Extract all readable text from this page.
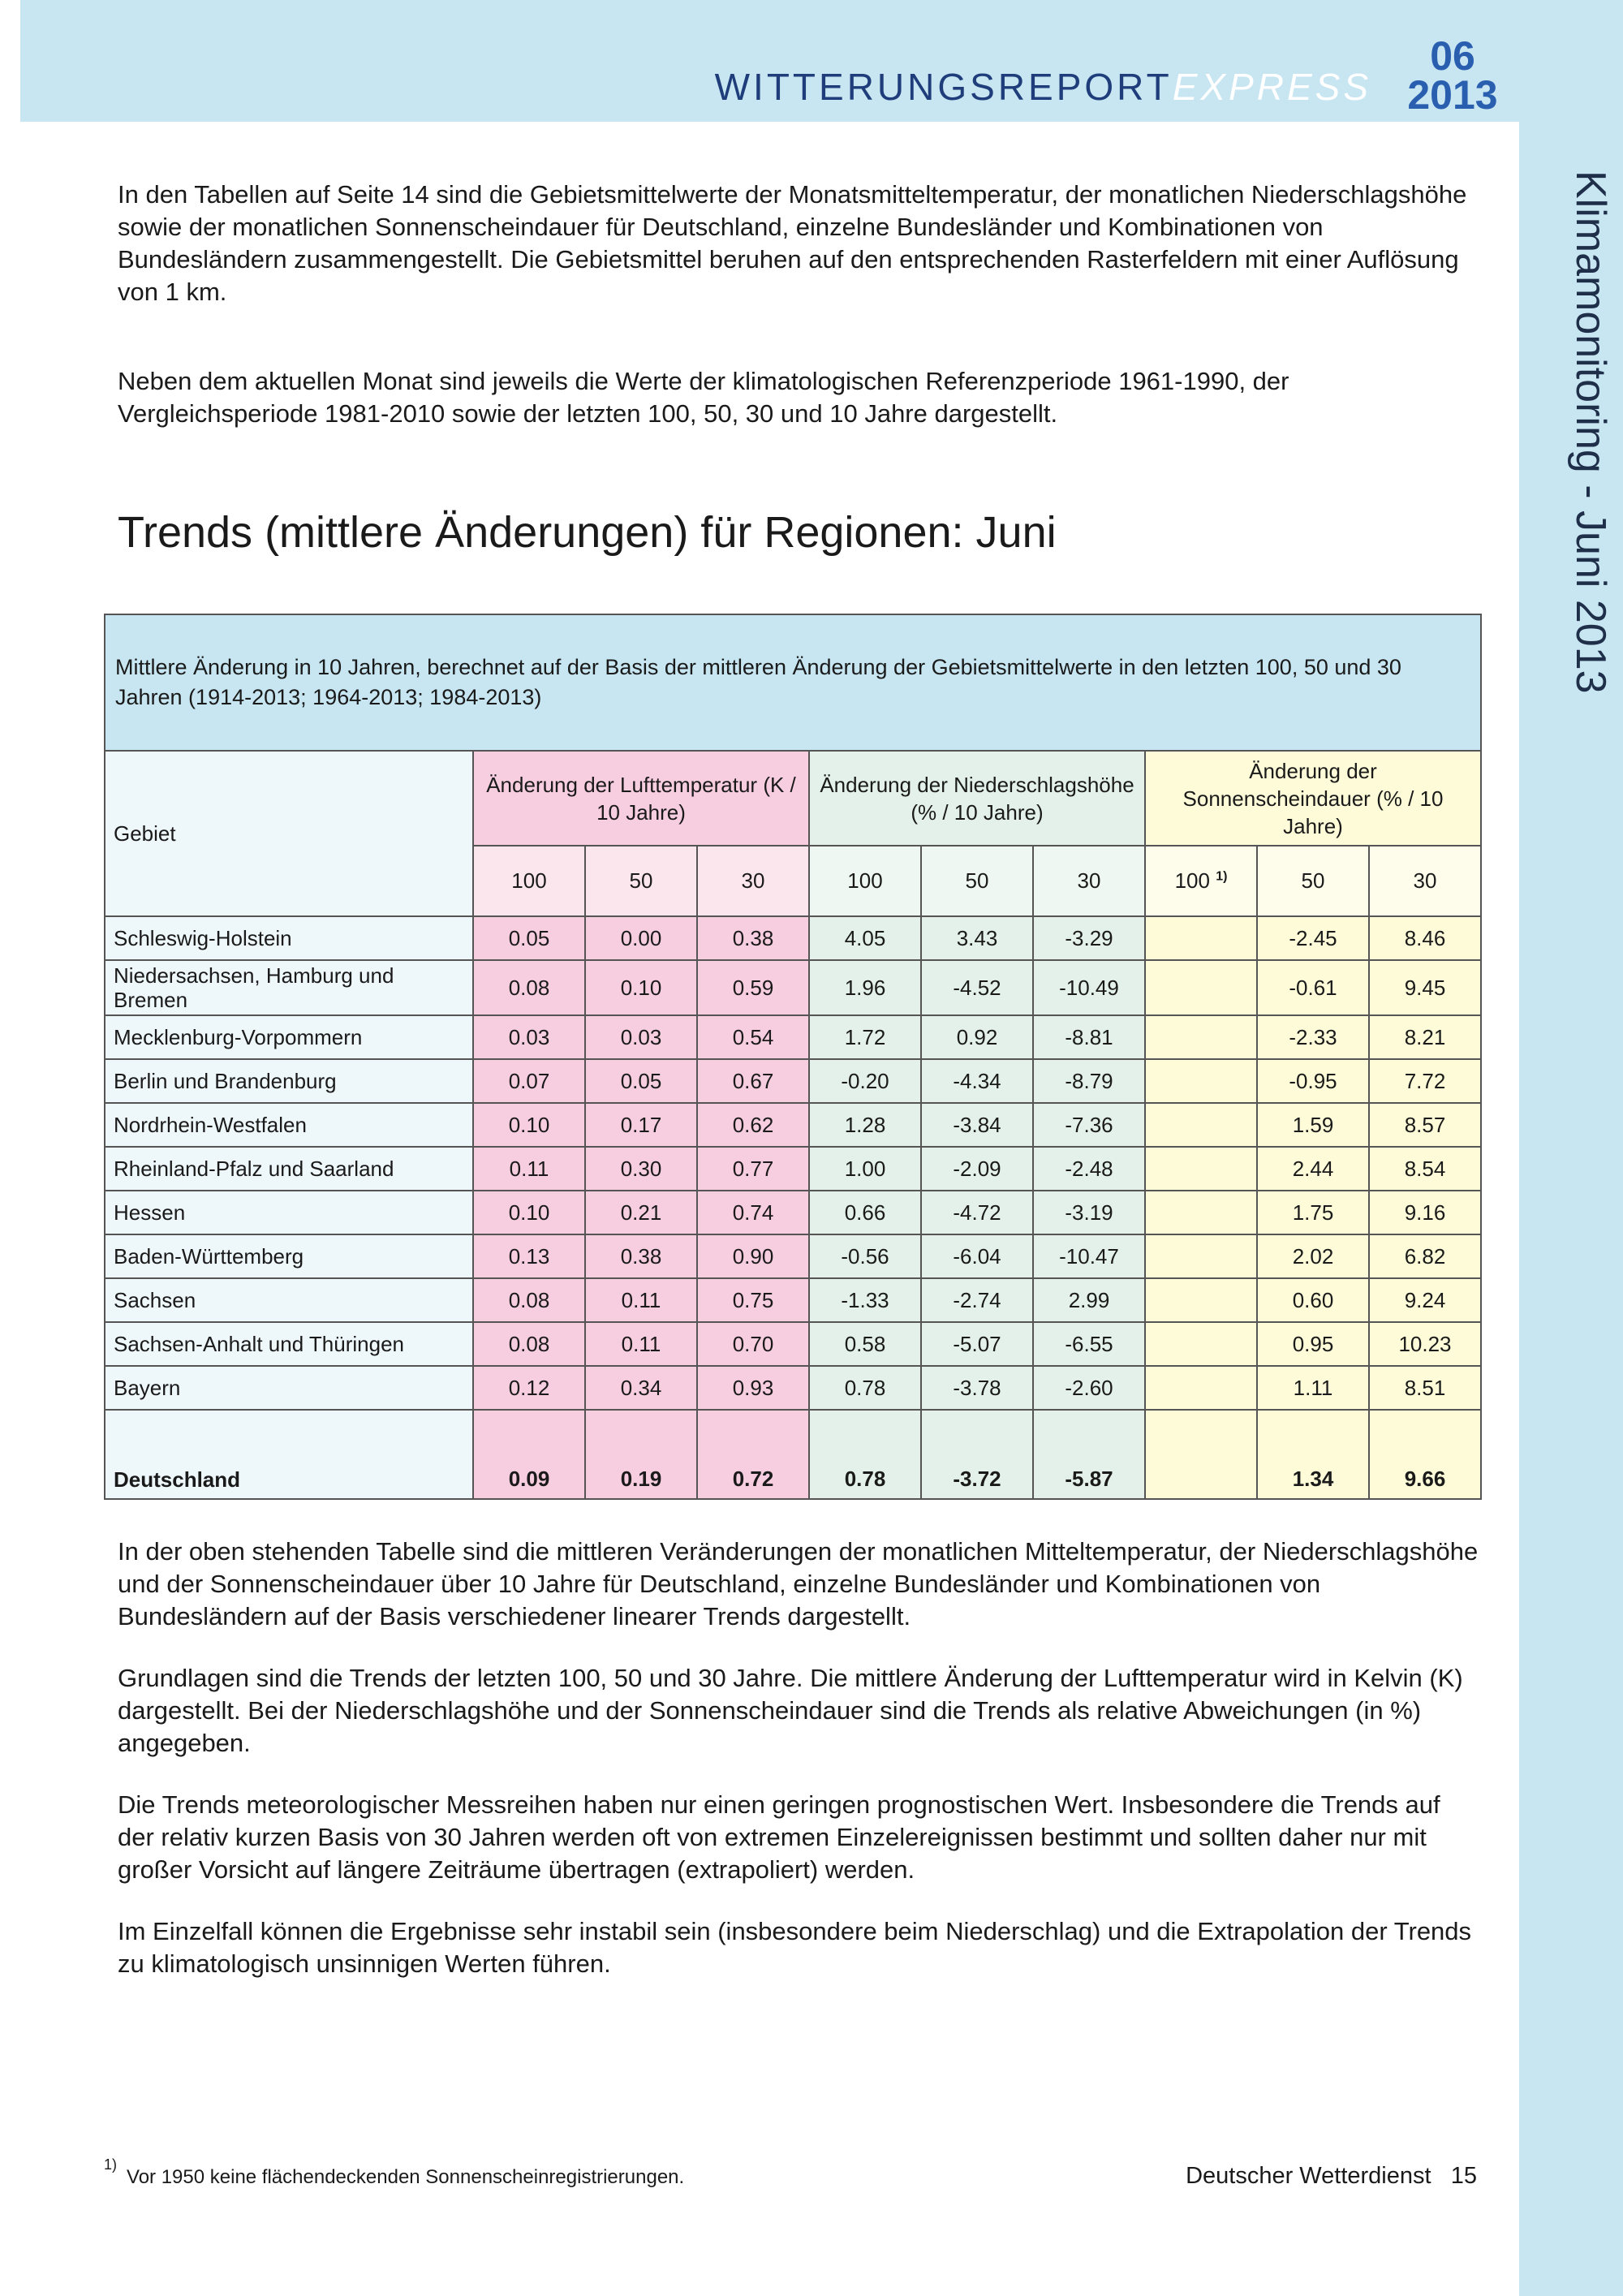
WITTERUNGSREPORTEXPRESS
06
2013
Klimamonitoring - Juni 2013

In den Tabellen auf Seite 14 sind die Gebietsmittelwerte der Monatsmitteltemperatur, der monatlichen Niederschlagshöhe sowie der monatlichen Sonnenscheindauer für Deutschland, einzelne Bundesländer und Kombinationen von Bundesländern zusammengestellt. Die Gebietsmittel beruhen auf den entsprechenden Rasterfeldern mit einer Auflösung von 1 km.

Neben dem aktuellen Monat sind jeweils die Werte der klimatologischen Referenzperiode 1961-1990, der Vergleichsperiode 1981-2010 sowie der letzten 100, 50, 30 und 10 Jahre dargestellt.

Trends (mittlere Änderungen) für Regionen: Juni
Mittlere Änderung in 10 Jahren, berechnet auf der Basis der mittleren Änderung der Gebietsmittelwerte in den letzten 100, 50 und 30 Jahren (1914-2013; 1964-2013; 1984-2013)									
Gebiet	Änderung der Lufttemperatur (K / 10 Jahre)			Änderung der Niederschlagshöhe (% / 10 Jahre)			Änderung der Sonnenscheindauer (% / 10 Jahre)		
	100	50	30	100	50	30	100 $^{1)}$	50	30
Schleswig-Holstein	0.05	0.00	0.38	4.05	3.43	-3.29		-2.45	8.46
Niedersachsen, Hamburg und Bremen	0.08	0.10	0.59	1.96	-4.52	-10.49		-0.61	9.45
Mecklenburg-Vorpommern	0.03	0.03	0.54	1.72	0.92	-8.81		-2.33	8.21
Berlin und Brandenburg	0.07	0.05	0.67	-0.20	-4.34	-8.79		-0.95	7.72
Nordrhein-Westfalen	0.10	0.17	0.62	1.28	-3.84	-7.36		1.59	8.57
Rheinland-Pfalz und Saarland	0.11	0.30	0.77	1.00	-2.09	-2.48		2.44	8.54
Hessen	0.10	0.21	0.74	0.66	-4.72	-3.19		1.75	9.16
Baden-Württemberg	0.13	0.38	0.90	-0.56	-6.04	-10.47		2.02	6.82
Sachsen	0.08	0.11	0.75	-1.33	-2.74	2.99		0.60	9.24
Sachsen-Anhalt und Thüringen	0.08	0.11	0.70	0.58	-5.07	-6.55		0.95	10.23
Bayern	0.12	0.34	0.93	0.78	-3.78	-2.60		1.11	8.51
Deutschland	0.09	0.19	0.72	0.78	-3.72	-5.87		1.34	9.66

In der oben stehenden Tabelle sind die mittleren Veränderungen der monatlichen Mitteltemperatur, der Niederschlagshöhe und der Sonnenscheindauer über 10 Jahre für Deutschland, einzelne Bundesländer und Kombinationen von Bundesländern auf der Basis verschiedener linearer Trends dargestellt.

Grundlagen sind die Trends der letzten 100, 50 und 30 Jahre. Die mittlere Änderung der Lufttemperatur wird in Kelvin (K) dargestellt. Bei der Niederschlagshöhe und der Sonnenscheindauer sind die Trends als relative Abweichungen (in %) angegeben.

Die Trends meteorologischer Messreihen haben nur einen geringen prognostischen Wert. Insbesondere die Trends auf der relativ kurzen Basis von 30 Jahren werden oft von extremen Einzelereignissen bestimmt und sollten daher nur mit großer Vorsicht auf längere Zeiträume übertragen (extrapoliert) werden.

Im Einzelfall können die Ergebnisse sehr instabil sein (insbesondere beim Niederschlag) und die Extrapolation der Trends zu klimatologisch unsinnigen Werten führen.

$^{1)}$Vor 1950 keine flächendeckenden Sonnenscheinregistrierungen.	Deutscher Wetterdienst 15
